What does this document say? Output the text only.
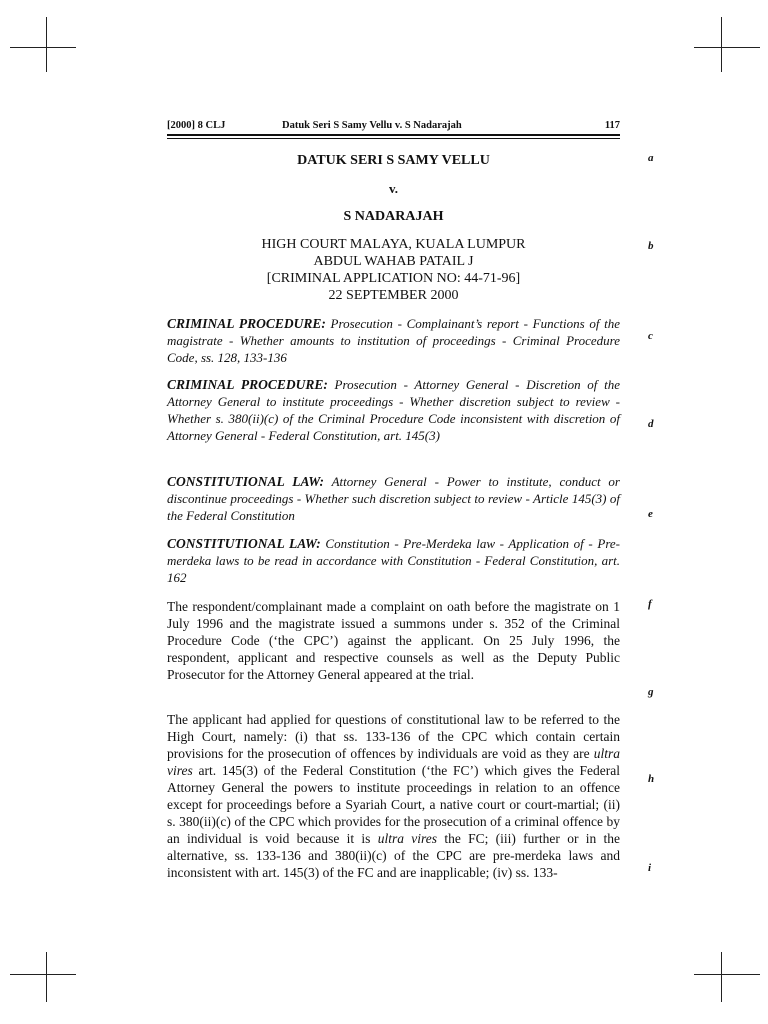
[2000] 8 CLJ	Datuk Seri S Samy Vellu v. S Nadarajah	117
DATUK SERI S SAMY VELLU
v.
S NADARAJAH
HIGH COURT MALAYA, KUALA LUMPUR
ABDUL WAHAB PATAIL J
[CRIMINAL APPLICATION NO: 44-71-96]
22 SEPTEMBER 2000

CRIMINAL PROCEDURE: Prosecution - Complainant’s report - Functions of the magistrate - Whether amounts to institution of proceedings - Criminal Procedure Code, ss. 128, 133-136

CRIMINAL PROCEDURE: Prosecution - Attorney General - Discretion of the Attorney General to institute proceedings - Whether discretion subject to review - Whether s. 380(ii)(c) of the Criminal Procedure Code inconsistent with discretion of Attorney General - Federal Constitution, art. 145(3)

CONSTITUTIONAL LAW: Attorney General - Power to institute, conduct or discontinue proceedings - Whether such discretion subject to review - Article 145(3) of the Federal Constitution

CONSTITUTIONAL LAW: Constitution - Pre-Merdeka law - Application of - Pre-merdeka laws to be read in accordance with Constitution - Federal Constitution, art. 162

The respondent/complainant made a complaint on oath before the magistrate on 1 July 1996 and the magistrate issued a summons under s. 352 of the Criminal Procedure Code (‘the CPC’) against the applicant. On 25 July 1996, the respondent, applicant and respective counsels as well as the Deputy Public Prosecutor for the Attorney General appeared at the trial.

The applicant had applied for questions of constitutional law to be referred to the High Court, namely: (i) that ss. 133-136 of the CPC which contain certain provisions for the prosecution of offences by individuals are void as they are ultra vires art. 145(3) of the Federal Constitution (‘the FC’) which gives the Federal Attorney General the powers to institute proceedings in relation to an offence except for proceedings before a Syariah Court, a native court or court-martial; (ii) s. 380(ii)(c) of the CPC which provides for the prosecution of a criminal offence by an individual is void because it is ultra vires the FC; (iii) further or in the alternative, ss. 133-136 and 380(ii)(c) of the CPC are pre-merdeka laws and inconsistent with art. 145(3) of the FC and are inapplicable; (iv) ss. 133-

a
b
c
d
e
f
g
h
i
